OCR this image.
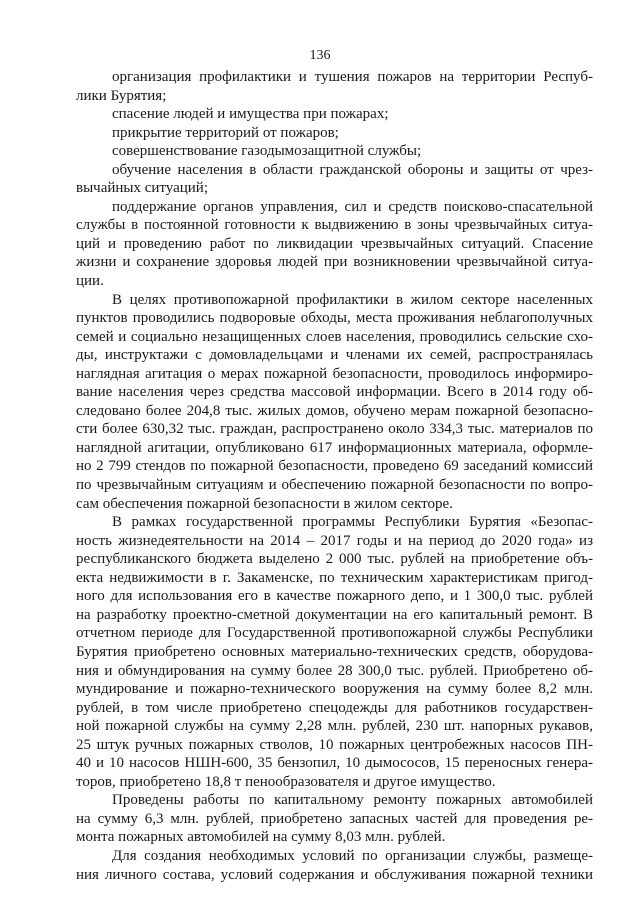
136
организация профилактики и тушения пожаров на территории Респуб-
лики Бурятия;
спасение людей и имущества при пожарах;
прикрытие территорий от пожаров;
совершенствование газодымозащитной службы;
обучение населения в области гражданской обороны и защиты от чрез-
вычайных ситуаций;
поддержание органов управления, сил и средств поисково-спасательной
службы в постоянной готовности к выдвижению в зоны чрезвычайных ситуа-
ций и проведению работ по ликвидации чрезвычайных ситуаций. Спасение
жизни и сохранение здоровья людей при возникновении чрезвычайной ситуа-
ции.
В целях противопожарной профилактики в жилом секторе населенных
пунктов проводились подворовые обходы, места проживания неблагополучных
семей и социально незащищенных слоев населения, проводились сельские схо-
ды, инструктажи с домовладельцами и членами их семей, распространялась
наглядная агитация о мерах пожарной безопасности, проводилось информиро-
вание населения через средства массовой информации. Всего в 2014 году об-
следовано более 204,8 тыс. жилых домов, обучено мерам пожарной безопасно-
сти более 630,32 тыс. граждан, распространено около 334,3 тыс. материалов по
наглядной агитации, опубликовано 617 информационных материала, оформле-
но 2 799 стендов по пожарной безопасности, проведено 69 заседаний комиссий
по чрезвычайным ситуациям и обеспечению пожарной безопасности по вопро-
сам обеспечения пожарной безопасности в жилом секторе.
В рамках государственной программы Республики Бурятия «Безопас-
ность жизнедеятельности на 2014 – 2017 годы и на период до 2020 года» из
республиканского бюджета выделено 2 000 тыс. рублей на приобретение объ-
екта недвижимости в г. Закаменске, по техническим характеристикам пригод-
ного для использования его в качестве пожарного депо, и 1 300,0 тыс. рублей
на разработку проектно-сметной документации на его капитальный ремонт. В
отчетном периоде для Государственной противопожарной службы Республики
Бурятия приобретено основных материально-технических средств, оборудова-
ния и обмундирования на сумму более 28 300,0 тыс. рублей. Приобретено об-
мундирование и пожарно-технического вооружения на сумму более 8,2 млн.
рублей, в том числе приобретено спецодежды для работников государствен-
ной пожарной службы на сумму 2,28 млн. рублей, 230 шт. напорных рукавов,
25 штук ручных пожарных стволов, 10 пожарных центробежных насосов ПН-
40 и 10 насосов НШН-600, 35 бензопил, 10 дымососов, 15 переносных генера-
торов, приобретено 18,8 т пенообразователя и другое имущество.
Проведены работы по капитальному ремонту пожарных автомобилей
на сумму 6,3 млн. рублей, приобретено запасных частей для проведения ре-
монта пожарных автомобилей на сумму 8,03 млн. рублей.
Для создания необходимых условий по организации службы, размеще-
ния личного состава, условий содержания и обслуживания пожарной техники
